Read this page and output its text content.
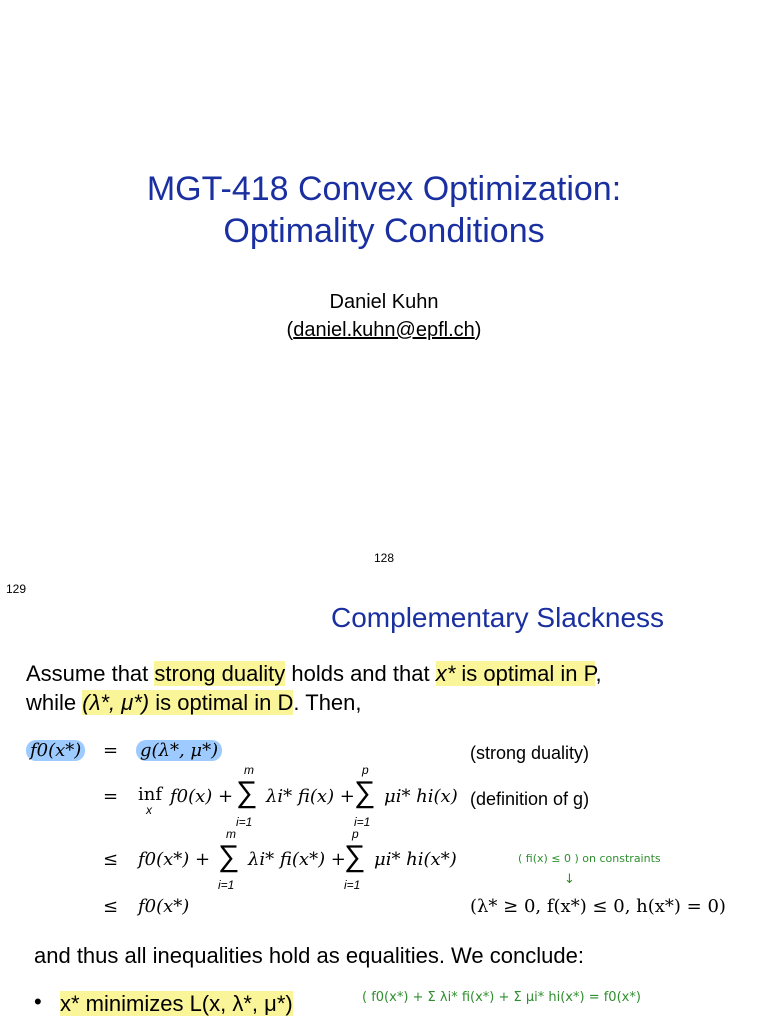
MGT-418 Convex Optimization:
Optimality Conditions
Daniel Kuhn
(daniel.kuhn@epfl.ch)
128
129
Complementary Slackness
Assume that strong duality holds and that x* is optimal in P,
while (λ*, μ*) is optimal in D. Then,
f0(x*) = g(λ*, μ*)	(strong duality)
= inf
x
f0(x) +
m
∑
i=1
λi* fi(x) +
p
∑
i=1
μi* hi(x) (definition of g)
≤ f0(x*) +
m
∑
i=1
λi* fi(x*) +
p
∑
i=1
μi* hi(x*)	( fi(x) ≤ 0 ) on constraints
↓
≤ f0(x*)	(λ* ≥ 0, f(x*) ≤ 0, h(x*) = 0)
and thus all inequalities hold as equalities. We conclude:
• x* minimizes L(x, λ*, μ*)	( f0(x*) + Σ λi* fi(x*) + Σ μi* hi(x*) = f0(x*)
